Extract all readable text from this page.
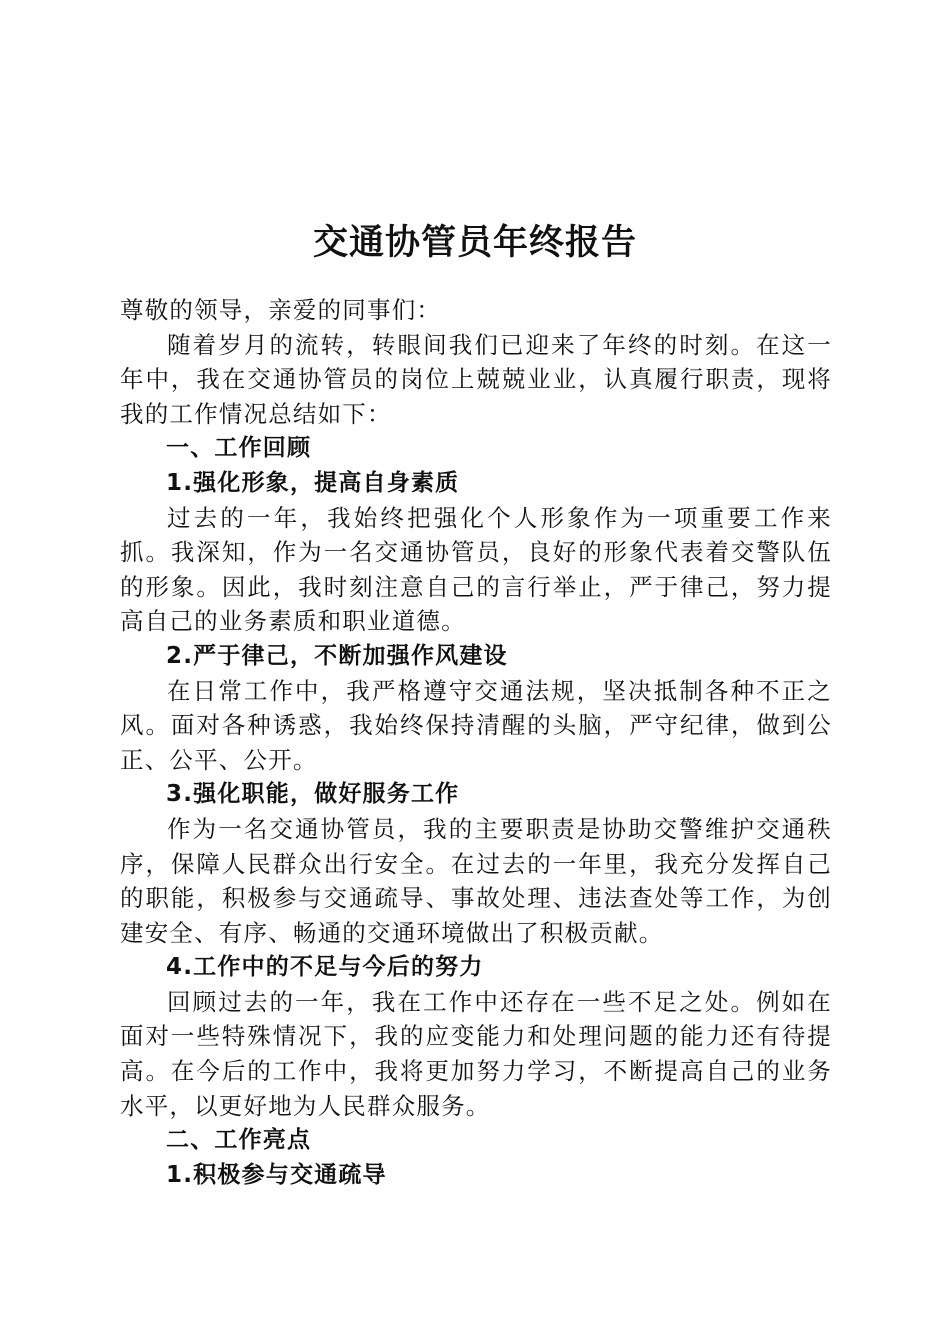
交通协管员年终报告

尊敬的领导，亲爱的同事们：

随着岁月的流转，转眼间我们已迎来了年终的时刻。在这一年中，我在交通协管员的岗位上兢兢业业，认真履行职责，现将我的工作情况总结如下：

一、工作回顾

1.强化形象，提高自身素质

过去的一年，我始终把强化个人形象作为一项重要工作来抓。我深知，作为一名交通协管员，良好的形象代表着交警队伍的形象。因此，我时刻注意自己的言行举止，严于律己，努力提高自己的业务素质和职业道德。

2.严于律己，不断加强作风建设

在日常工作中，我严格遵守交通法规，坚决抵制各种不正之风。面对各种诱惑，我始终保持清醒的头脑，严守纪律，做到公正、公平、公开。

3.强化职能，做好服务工作

作为一名交通协管员，我的主要职责是协助交警维护交通秩序，保障人民群众出行安全。在过去的一年里，我充分发挥自己的职能，积极参与交通疏导、事故处理、违法查处等工作，为创建安全、有序、畅通的交通环境做出了积极贡献。

4.工作中的不足与今后的努力

回顾过去的一年，我在工作中还存在一些不足之处。例如在面对一些特殊情况下，我的应变能力和处理问题的能力还有待提高。在今后的工作中，我将更加努力学习，不断提高自己的业务水平，以更好地为人民群众服务。

二、工作亮点

1.积极参与交通疏导
